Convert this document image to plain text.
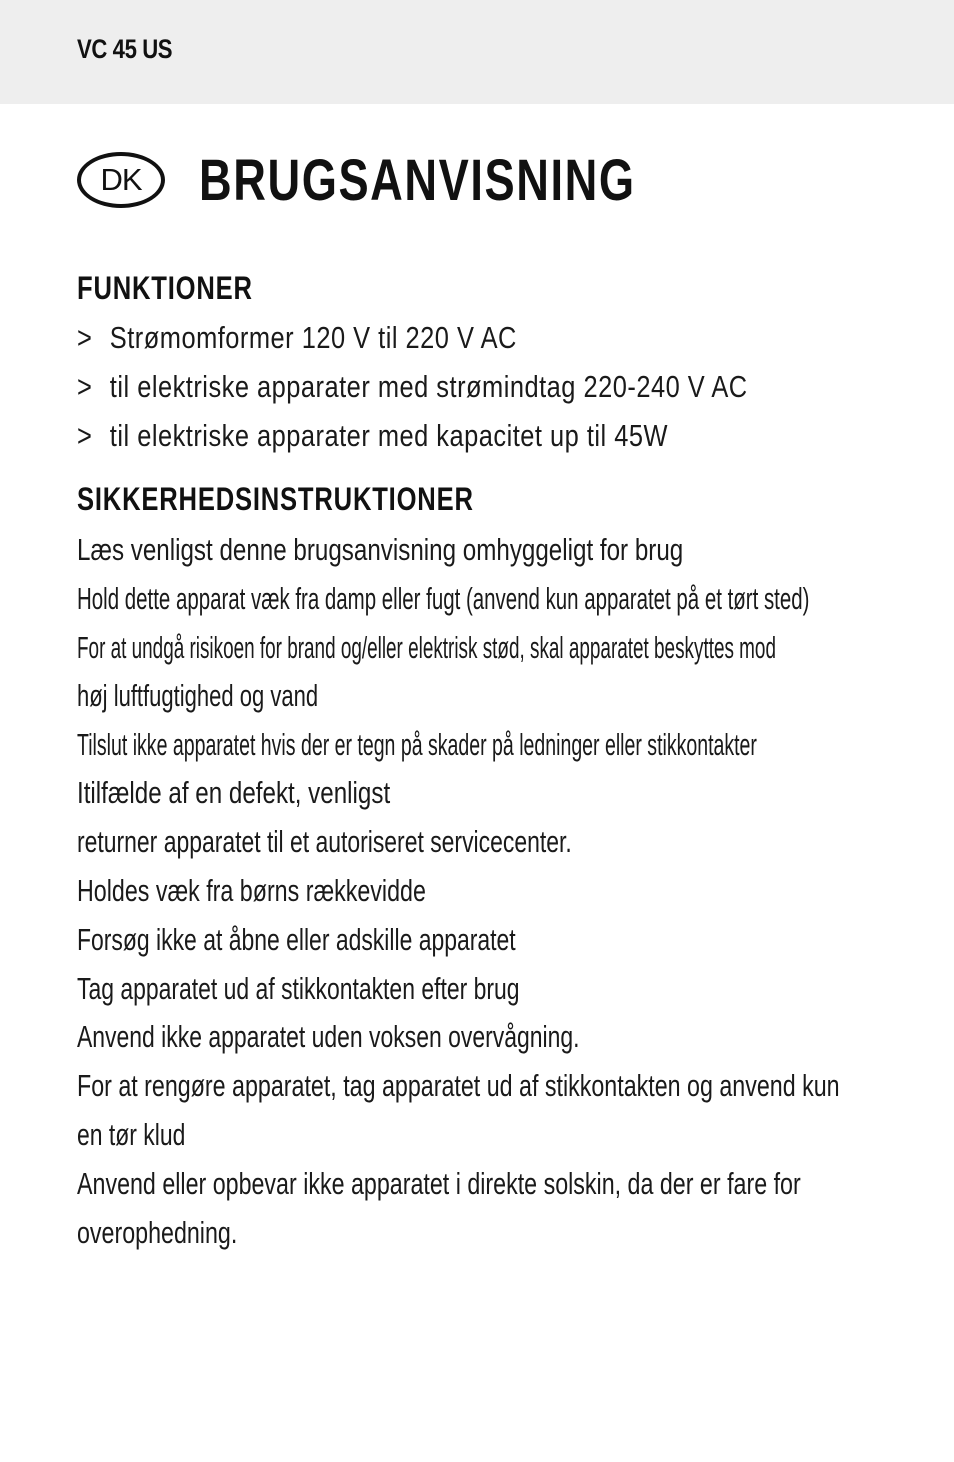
VC 45 US
DK BRUGSANVISNING
FUNKTIONER
> Strømomformer 120 V til 220 V AC
> til elektriske apparater med strømindtag 220-240 V AC
> til elektriske apparater med kapacitet up til 45W
SIKKERHEDSINSTRUKTIONER
Læs venligst denne brugsanvisning omhyggeligt for brug
Hold dette apparat væk fra damp eller fugt (anvend kun apparatet på et tørt sted)
For at undgå risikoen for brand og/eller elektrisk stød, skal apparatet beskyttes mod
høj luftfugtighed og vand
Tilslut ikke apparatet hvis der er tegn på skader på ledninger eller stikkontakter
Itilfælde af en defekt, venligst
returner apparatet til et autoriseret servicecenter.
Holdes væk fra børns rækkevidde
Forsøg ikke at åbne eller adskille apparatet
Tag apparatet ud af stikkontakten efter brug
Anvend ikke apparatet uden voksen overvågning.
For at rengøre apparatet, tag apparatet ud af stikkontakten og anvend kun
en tør klud
Anvend eller opbevar ikke apparatet i direkte solskin, da der er fare for
overophedning.
